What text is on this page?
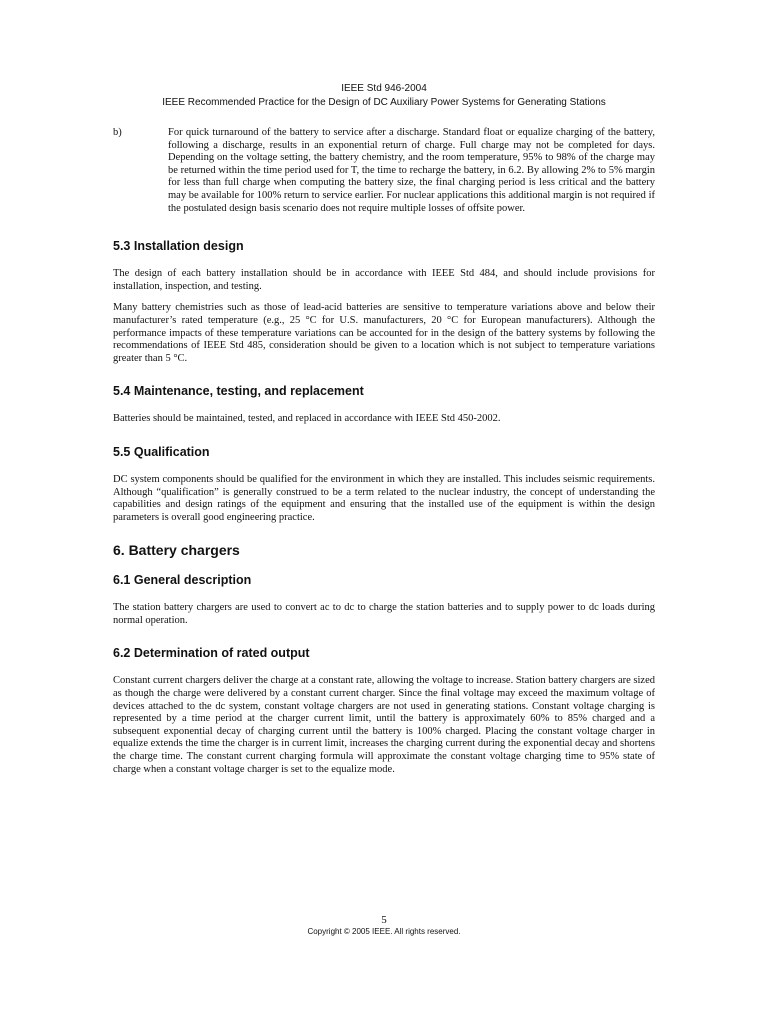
IEEE Std 946-2004
IEEE Recommended Practice for the Design of DC Auxiliary Power Systems for Generating Stations
b)	For quick turnaround of the battery to service after a discharge. Standard float or equalize charging of the battery, following a discharge, results in an exponential return of charge. Full charge may not be completed for days. Depending on the voltage setting, the battery chemistry, and the room temperature, 95% to 98% of the charge may be returned within the time period used for T, the time to recharge the battery, in 6.2. By allowing 2% to 5% margin for less than full charge when computing the battery size, the final charging period is less critical and the battery may be available for 100% return to service earlier. For nuclear applications this additional margin is not required if the postulated design basis scenario does not require multiple losses of offsite power.
5.3 Installation design

The design of each battery installation should be in accordance with IEEE Std 484, and should include provisions for installation, inspection, and testing.

Many battery chemistries such as those of lead-acid batteries are sensitive to temperature variations above and below their manufacturer’s rated temperature (e.g., 25 °C for U.S. manufacturers, 20 °C for European manufacturers). Although the performance impacts of these temperature variations can be accounted for in the design of the battery systems by following the recommendations of IEEE Std 485, consideration should be given to a location which is not subject to temperature variations greater than 5 °C.

5.4 Maintenance, testing, and replacement

Batteries should be maintained, tested, and replaced in accordance with IEEE Std 450-2002.

5.5 Qualification

DC system components should be qualified for the environment in which they are installed. This includes seismic requirements. Although “qualification” is generally construed to be a term related to the nuclear industry, the concept of understanding the capabilities and design ratings of the equipment and ensuring that the installed use of the equipment is within the design parameters is overall good engineering practice.

6. Battery chargers
6.1 General description

The station battery chargers are used to convert ac to dc to charge the station batteries and to supply power to dc loads during normal operation.

6.2 Determination of rated output

Constant current chargers deliver the charge at a constant rate, allowing the voltage to increase. Station battery chargers are sized as though the charge were delivered by a constant current charger. Since the final voltage may exceed the maximum voltage of devices attached to the dc system, constant voltage chargers are not used in generating stations. Constant voltage charging is represented by a time period at the charger current limit, until the battery is approximately 60% to 85% charged and a subsequent exponential decay of charging current until the battery is 100% charged. Placing the constant voltage charger in equalize extends the time the charger is in current limit, increases the charging current during the exponential decay and shortens the charge time. The constant current charging formula will approximate the constant voltage charging time to 95% state of charge when a constant voltage charger is set to the equalize mode.

5
Copyright © 2005 IEEE. All rights reserved.
